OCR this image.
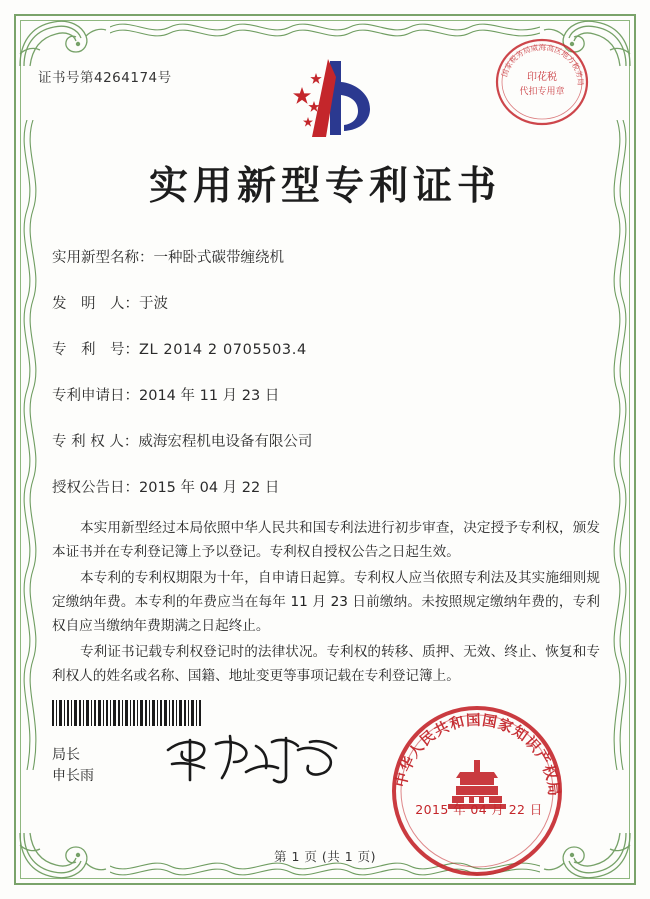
证书号第4264174号	印花税
代扣专用章
国家税务局威海高区地方税务局
实用新型专利证书
实用新型名称：一种卧式碳带缠绕机
发　明　人：于波
专　利　号：ZL 2014 2 0705503.4
专利申请日：2014 年 11 月 23 日
专 利 权 人：威海宏程机电设备有限公司
授权公告日：2015 年 04 月 22 日

本实用新型经过本局依照中华人民共和国专利法进行初步审查，决定授予专利权，颁发本证书并在专利登记簿上予以登记。专利权自授权公告之日起生效。

本专利的专利权期限为十年，自申请日起算。专利权人应当依照专利法及其实施细则规定缴纳年费。本专利的年费应当在每年 11 月 23 日前缴纳。未按照规定缴纳年费的，专利权自应当缴纳年费期满之日起终止。

专利证书记载专利权登记时的法律状况。专利权的转移、质押、无效、终止、恢复和专利权人的姓名或名称、国籍、地址变更等事项记载在专利登记簿上。

局长
申长雨	中华人民共和国国家知识产权局
2015 年 04 月 22 日
第 1 页 (共 1 页)
